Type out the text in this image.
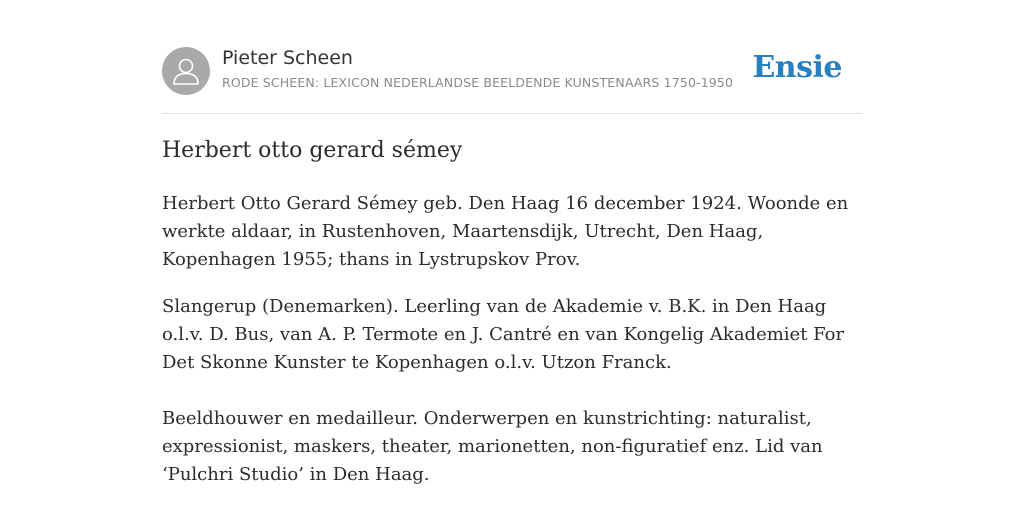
Pieter Scheen
RODE SCHEEN: LEXICON NEDERLANDSE BEELDENDE KUNSTENAARS 1750-1950 Ensie
Herbert otto gerard sémey

Herbert Otto Gerard Sémey geb. Den Haag 16 december 1924. Woonde en werkte aldaar, in Rustenhoven, Maartensdijk, Utrecht, Den Haag, Kopenhagen 1955; thans in Lystrupskov Prov.

Slangerup (Denemarken). Leerling van de Akademie v. B.K. in Den Haag o.l.v. D. Bus, van A. P. Termote en J. Cantré en van Kongelig Akademiet For Det Skonne Kunster te Kopenhagen o.l.v. Utzon Franck.

Beeldhouwer en medailleur. Onderwerpen en kunstrichting: naturalist, expressionist, maskers, theater, marionetten, non-figuratief enz. Lid van ‘Pulchri Studio’ in Den Haag.
